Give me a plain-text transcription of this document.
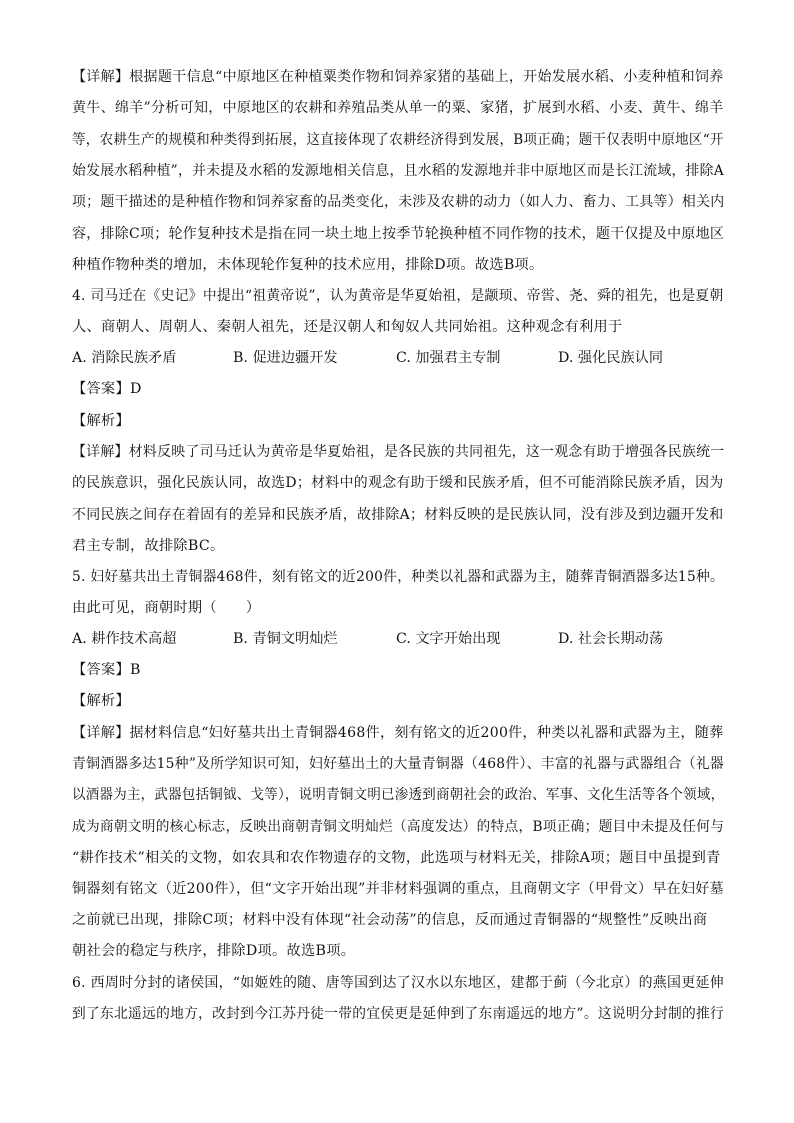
【详解】根据题干信息“中原地区在种植粟类作物和饲养家猪的基础上，开始发展水稻、小麦种植和饲养
黄牛、绵羊”分析可知，中原地区的农耕和养殖品类从单一的粟、家猪，扩展到水稻、小麦、黄牛、绵羊
等，农耕生产的规模和种类得到拓展，这直接体现了农耕经济得到发展，B项正确；题干仅表明中原地区“开
始发展水稻种植”，并未提及水稻的发源地相关信息，且水稻的发源地并非中原地区而是长江流域，排除A
项；题干描述的是种植作物和饲养家畜的品类变化，未涉及农耕的动力（如人力、畜力、工具等）相关内
容，排除C项；轮作复种技术是指在同一块土地上按季节轮换种植不同作物的技术，题干仅提及中原地区
种植作物种类的增加，未体现轮作复种的技术应用，排除D项。故选B项。
4. 司马迁在《史记》中提出“祖黄帝说”，认为黄帝是华夏始祖，是颛顼、帝喾、尧、舜的祖先，也是夏朝
人、商朝人、周朝人、秦朝人祖先，还是汉朝人和匈奴人共同始祖。这种观念有利用于
A. 消除民族矛盾	B. 促进边疆开发	C. 加强君主专制	D. 强化民族认同
【答案】D
【解析】
【详解】材料反映了司马迁认为黄帝是华夏始祖，是各民族的共同祖先，这一观念有助于增强各民族统一
的民族意识，强化民族认同，故选D；材料中的观念有助于缓和民族矛盾，但不可能消除民族矛盾，因为
不同民族之间存在着固有的差异和民族矛盾，故排除A；材料反映的是民族认同，没有涉及到边疆开发和
君主专制，故排除BC。
5. 妇好墓共出土青铜器468件，刻有铭文的近200件，种类以礼器和武器为主，随葬青铜酒器多达15种。
由此可见，商朝时期（　　）
A. 耕作技术高超	B. 青铜文明灿烂	C. 文字开始出现	D. 社会长期动荡
【答案】B
【解析】
【详解】据材料信息“妇好墓共出土青铜器468件，刻有铭文的近200件，种类以礼器和武器为主，随葬
青铜酒器多达15种”及所学知识可知，妇好墓出土的大量青铜器（468件）、丰富的礼器与武器组合（礼器
以酒器为主，武器包括铜钺、戈等），说明青铜文明已渗透到商朝社会的政治、军事、文化生活等各个领域，
成为商朝文明的核心标志，反映出商朝青铜文明灿烂（高度发达）的特点，B项正确；题目中未提及任何与
“耕作技术”相关的文物，如农具和农作物遗存的文物，此选项与材料无关，排除A项；题目中虽提到青
铜器刻有铭文（近200件），但“文字开始出现”并非材料强调的重点，且商朝文字（甲骨文）早在妇好墓
之前就已出现，排除C项；材料中没有体现“社会动荡”的信息，反而通过青铜器的“规整性”反映出商
朝社会的稳定与秩序，排除D项。故选B项。
6. 西周时分封的诸侯国，“如姬姓的随、唐等国到达了汉水以东地区，建都于蓟（今北京）的燕国更延伸
到了东北遥远的地方，改封到今江苏丹徒一带的宜侯更是延伸到了东南遥远的地方”。这说明分封制的推行
